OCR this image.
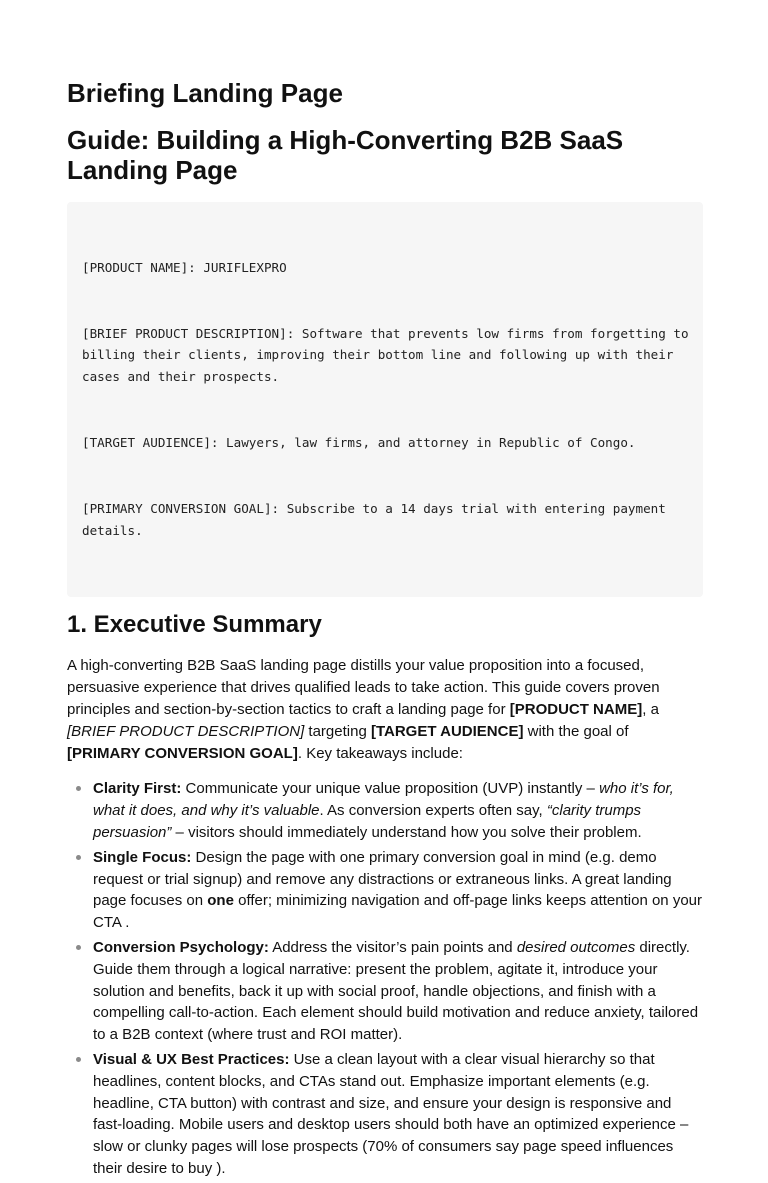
Briefing Landing Page
Guide: Building a High-Converting B2B SaaS Landing Page

[PRODUCT NAME]: JURIFLEXPRO

[BRIEF PRODUCT DESCRIPTION]: Software that prevents low firms from forgetting to billing their clients, improving their bottom line and following up with their cases and their prospects.

[TARGET AUDIENCE]: Lawyers, law firms, and attorney in Republic of Congo.

[PRIMARY CONVERSION GOAL]: Subscribe to a 14 days trial with entering payment details.

1. Executive Summary

A high-converting B2B SaaS landing page distills your value proposition into a focused, persuasive experience that drives qualified leads to take action. This guide covers proven principles and section-by-section tactics to craft a landing page for [PRODUCT NAME], a [BRIEF PRODUCT DESCRIPTION] targeting [TARGET AUDIENCE] with the goal of [PRIMARY CONVERSION GOAL]. Key takeaways include:

Clarity First: Communicate your unique value proposition (UVP) instantly – who it’s for, what it does, and why it’s valuable. As conversion experts often say, “clarity trumps persuasion” – visitors should immediately understand how you solve their problem.
Single Focus: Design the page with one primary conversion goal in mind (e.g. demo request or trial signup) and remove any distractions or extraneous links. A great landing page focuses on one offer; minimizing navigation and off-page links keeps attention on your CTA .
Conversion Psychology: Address the visitor’s pain points and desired outcomes directly. Guide them through a logical narrative: present the problem, agitate it, introduce your solution and benefits, back it up with social proof, handle objections, and finish with a compelling call-to-action. Each element should build motivation and reduce anxiety, tailored to a B2B context (where trust and ROI matter).
Visual & UX Best Practices: Use a clean layout with a clear visual hierarchy so that headlines, content blocks, and CTAs stand out. Emphasize important elements (e.g. headline, CTA button) with contrast and size, and ensure your design is responsive and fast-loading. Mobile users and desktop users should both have an optimized experience – slow or clunky pages will lose prospects (70% of consumers say page speed influences their desire to buy ).
